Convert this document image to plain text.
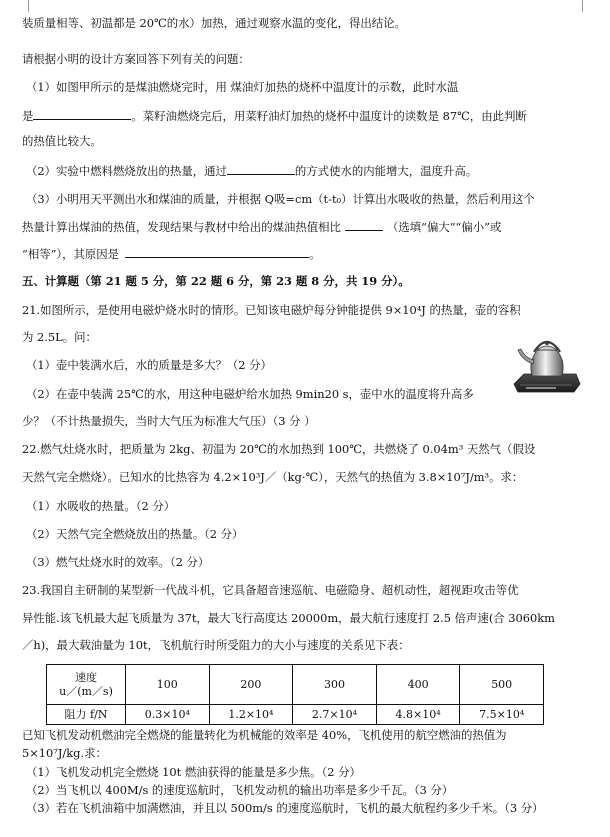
装质量相等、初温都是 20℃的水）加热，通过观察水温的变化，得出结论。
请根据小明的设计方案回答下列有关的问题：
（1）如图甲所示的是煤油燃烧完时，用 煤油灯加热的烧杯中温度计的示数，此时水温
是	。菜籽油燃烧完后，用菜籽油灯加热的烧杯中温度计的读数是 87℃，由此判断
的热值比较大。
（2）实验中燃料燃烧放出的热量，通过	的方式使水的内能增大，温度升高。
（3）小明用天平测出水和煤油的质量，并根据 Q吸=cm（t-t₀）计算出水吸收的热量，然后利用这个
热量计算出煤油的热值，发现结果与教材中给出的煤油热值相比	（选填“偏大”“偏小”或
“相等”），其原因是	。
五、计算题（第 21 题 5 分，第 22 题 6 分，第 23 题 8 分，共 19 分）。
21.如图所示，是使用电磁炉烧水时的情形。已知该电磁炉每分钟能提供 9×10⁴J 的热量，壶的容积
为 2.5L。问：
（1）壶中装满水后，水的质量是多大？（2 分）
（2）在壶中装满 25℃的水，用这种电磁炉给水加热 9min20 s，壶中水的温度将升高多
少？（不计热量损失，当时大气压为标准大气压）（3 分 ）
22.燃气灶烧水时，把质量为 2kg、初温为 20℃的水加热到 100℃，共燃烧了 0.04m³ 天然气（假设
天然气完全燃烧）。已知水的比热容为 4.2×10³J／（kg·℃），天然气的热值为 3.8×10⁷J/m³。求：
（1）水吸收的热量。（2 分）
（2）天然气完全燃烧放出的热量。（2 分）
（3）燃气灶烧水时的效率。（2 分）
23.我国自主研制的某型新一代战斗机，它具备超音速巡航、电磁隐身、超机动性，超视距攻击等优
异性能.该飞机最大起飞质量为 37t，最大飞行高度达 20000m，最大航行速度打 2.5 倍声速(合 3060km
／h)，最大载油量为 10t，飞机航行时所受阻力的大小与速度的关系见下表：
速度
u／(m／s)	100	200	300	400	500
阻力 f/N	0.3×10⁴	1.2×10⁴	2.7×10⁴	4.8×10⁴	7.5×10⁴
已知飞机发动机燃油完全燃烧的能量转化为机械能的效率是 40%，飞机使用的航空燃油的热值为
5×10⁷J/kg.求：
（1）飞机发动机完全燃烧 10t 燃油获得的能量是多少焦。（2 分）
（2）当飞机以 400M/s 的速度巡航时，飞机发动机的输出功率是多少千瓦。（3 分）
（3）若在飞机油箱中加满燃油，并且以 500m/s 的速度巡航时，飞机的最大航程约多少千米。（3 分）
